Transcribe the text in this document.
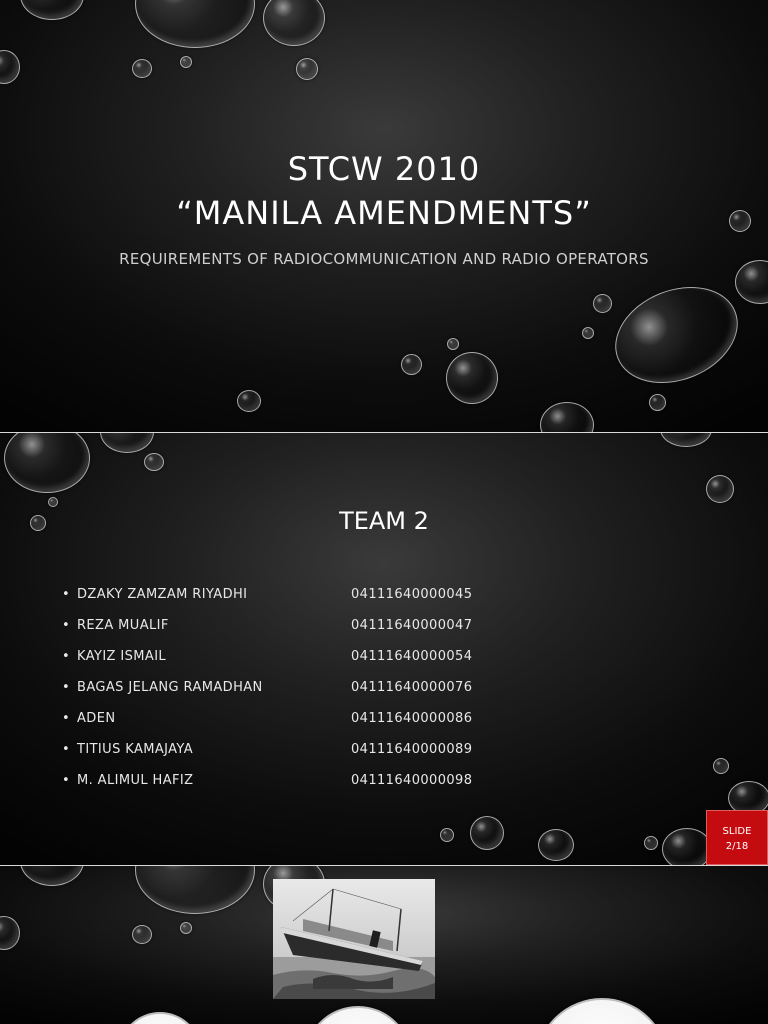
STCW 2010
“MANILA AMENDMENTS”
REQUIREMENTS OF RADIOCOMMUNICATION AND RADIO OPERATORS
TEAM 2
• DZAKY ZAMZAM RIYADHI	04111640000045
• REZA MUALIF	04111640000047
• KAYIZ ISMAIL	04111640000054
• BAGAS JELANG RAMADHAN	04111640000076
• ADEN	04111640000086
• TITIUS KAMAJAYA	04111640000089
• M. ALIMUL HAFIZ	04111640000098
SLIDE
2/18
